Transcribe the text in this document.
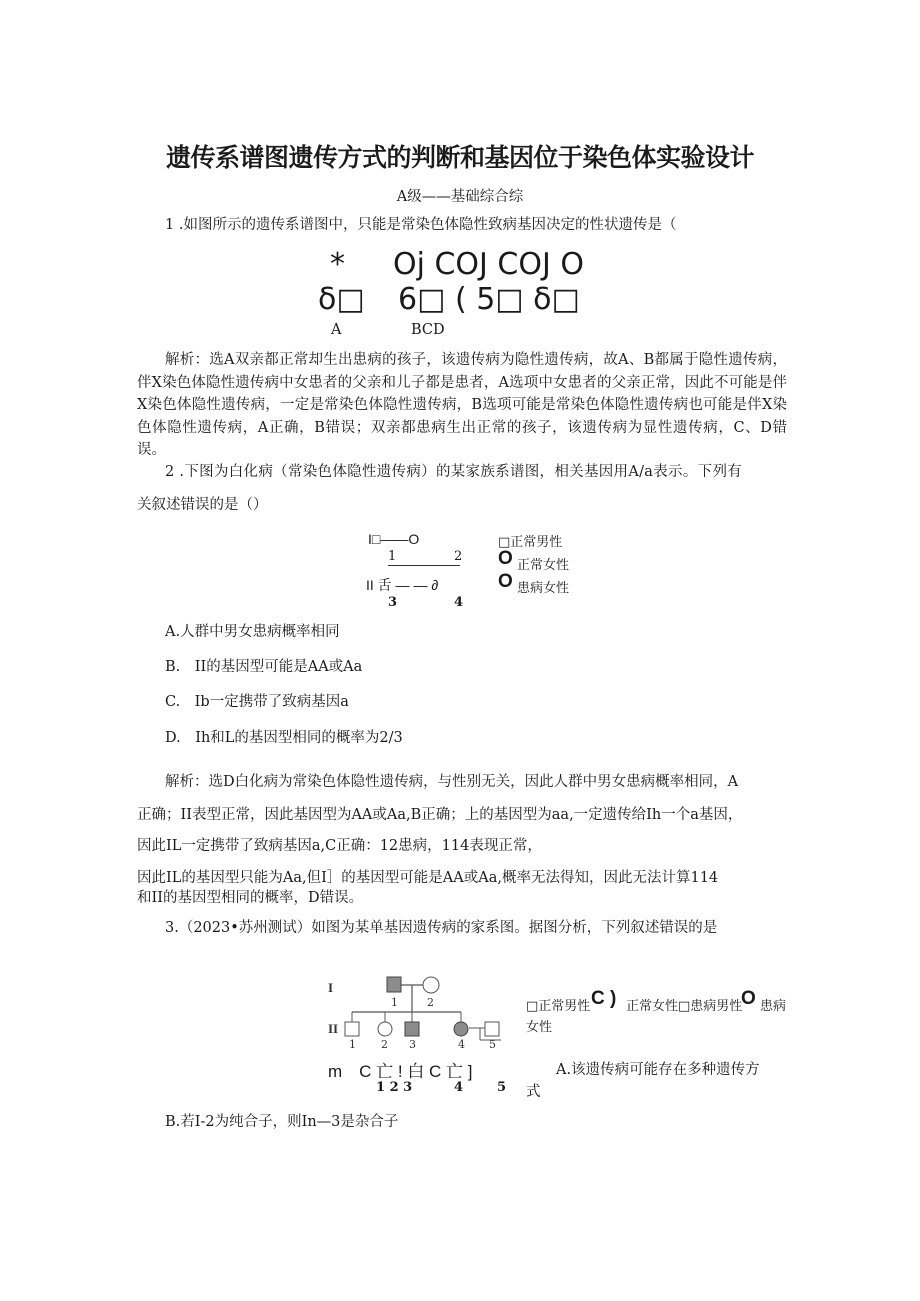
遗传系谱图遗传方式的判断和基因位于染色体实验设计
A级——基础综合综
1 .如图所示的遗传系谱图中，只能是常染色体隐性致病基因决定的性状遗传是（
* Oj COJ COJ O
δ□ 6□ ( 5□ δ□
A	BCD
解析：选A双亲都正常却生出患病的孩子，该遗传病为隐性遗传病，故A、B都属于隐性遗传病，伴X染色体隐性遗传病中女患者的父亲和儿子都是患者，A选项中女患者的父亲正常，因此不可能是伴X染色体隐性遗传病，一定是常染色体隐性遗传病，B选项可能是常染色体隐性遗传病也可能是伴X染色体隐性遗传病，A正确，B错误；双亲都患病生出正常的孩子，该遗传病为显性遗传病，C、D错误。
2 .下图为白化病（常染色体隐性遗传病）的某家族系谱图，相关基因用A/a表示。下列有
关叙述错误的是（）
I□——O
1	2
II 舌 — — ∂
3	4
□正常男性
O 正常女性
O 患病女性
A.人群中男女患病概率相同
B.　II的基因型可能是AA或Aa
C.　Ib一定携带了致病基因a
D.　Ih和L的基因型相同的概率为2/3
解析：选D白化病为常染色体隐性遗传病，与性别无关，因此人群中男女患病概率相同，A
正确；II表型正常，因此基因型为AA或Aa,B正确；上的基因型为aa,一定遗传给Ih一个a基因，
因此IL一定携带了致病基因a,C正确：12患病，114表现正常，
因此IL的基因型只能为Aa,但I］的基因型可能是AA或Aa,概率无法得知，因此无法计算114
和II的基因型相同的概率，D错误。
3.（2023•苏州测试）如图为某单基因遗传病的家系图。据图分析，下列叙述错误的是
I
II
1	2
1 2 3	4 5
m　C 亡 ! 白 C 亡 ]
1 2 3	4	5
□正常男性 C ) 正常女性□患病男性
O 患病
女性
A.该遗传病可能存在多种遗传方
式
B.若I-2为纯合子，则In—3是杂合子
